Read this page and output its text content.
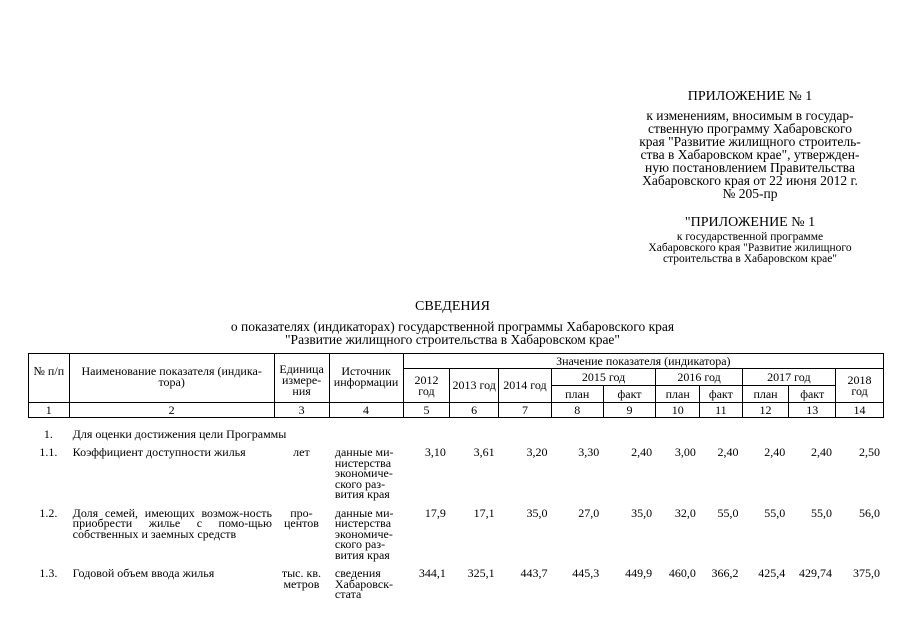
ПРИЛОЖЕНИЕ № 1
к изменениям, вносимым в государ-
ственную программу Хабаровского
края "Развитие жилищного строитель-
ства в Хабаровском крае", утвержден-
ную постановлением Правительства
Хабаровского края от 22 июня 2012 г.
№ 205-пр
"ПРИЛОЖЕНИЕ № 1
к государственной программе
Хабаровского края "Развитие жилищного
строительства в Хабаровском крае"
СВЕДЕНИЯ
о показателях (индикаторах) государственной программы Хабаровского края
"Развитие жилищного строительства в Хабаровском крае"
№ п/п	Наименование показателя (индика-тора)	Единица измере-ния	Источник информации	Значение показателя (индикатора)									
				2012 год	2013 год	2014 год	2015 год		2016 год		2017 год		2018 год
							план	факт	план	факт	план	факт	
1	2	3	4	5	6	7	8	9	10	11	12	13	14
1.	Для оценки достижения цели Программы												
1.1.	Коэффициент доступности жилья	лет	данные ми-нистерства экономиче-ского раз-вития края	3,10	3,61	3,20	3,30	2,40	3,00	2,40	2,40	2,40	2,50
1.2.	Доля семей, имеющих возмож-ность приобрести жилье с помо-щью собственных и заемных средств	про-центов	данные ми-нистерства экономиче-ского раз-вития края	17,9	17,1	35,0	27,0	35,0	32,0	55,0	55,0	55,0	56,0
1.3.	Годовой объем ввода жилья	тыс. кв. метров	сведения Хабаровск-стата	344,1	325,1	443,7	445,3	449,9	460,0	366,2	425,4	429,74	375,0
